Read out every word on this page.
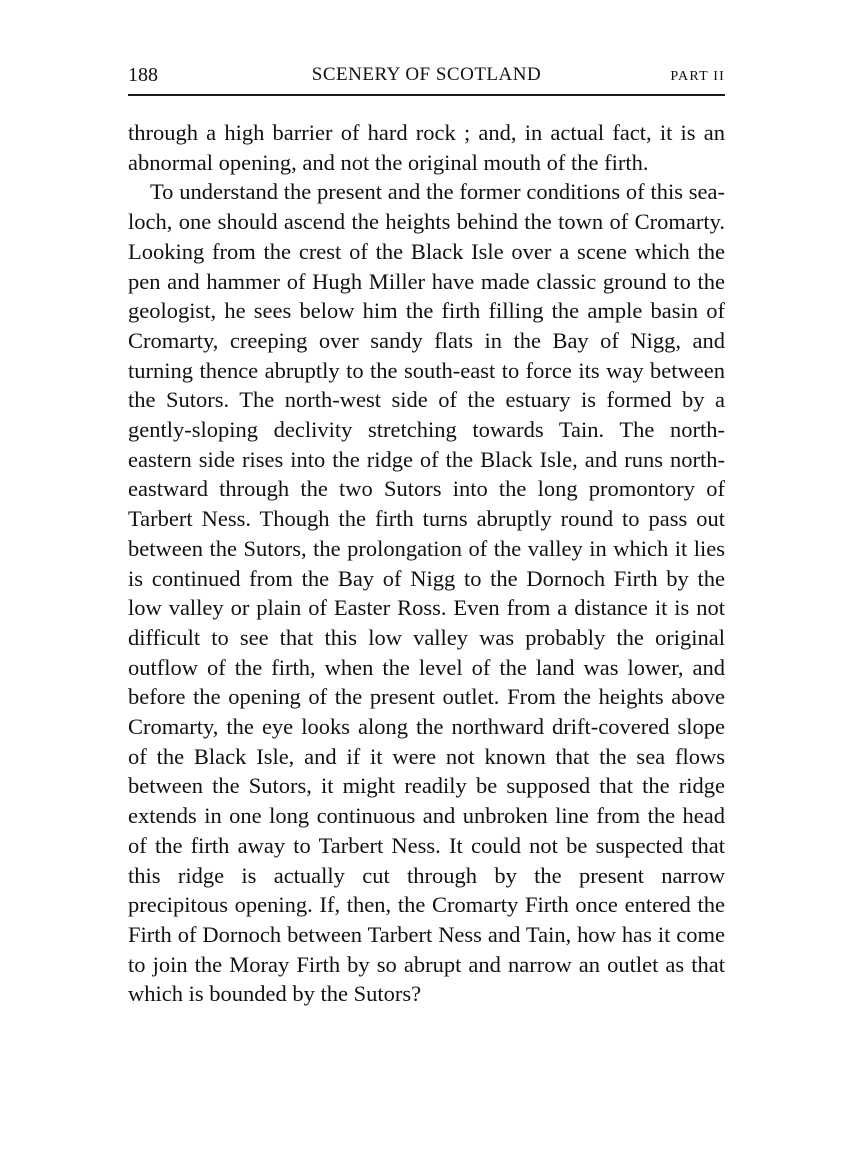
188	SCENERY OF SCOTLAND	PART II

through a high barrier of hard rock ; and, in actual fact, it is an abnormal opening, and not the original mouth of the firth.

To understand the present and the former conditions of this sea-loch, one should ascend the heights behind the town of Cromarty. Looking from the crest of the Black Isle over a scene which the pen and hammer of Hugh Miller have made classic ground to the geologist, he sees below him the firth filling the ample basin of Cromarty, creeping over sandy flats in the Bay of Nigg, and turning thence abruptly to the south-east to force its way between the Sutors. The north-west side of the estuary is formed by a gently-sloping declivity stretching towards Tain. The north-eastern side rises into the ridge of the Black Isle, and runs north-eastward through the two Sutors into the long promontory of Tarbert Ness. Though the firth turns abruptly round to pass out between the Sutors, the prolongation of the valley in which it lies is continued from the Bay of Nigg to the Dornoch Firth by the low valley or plain of Easter Ross. Even from a distance it is not difficult to see that this low valley was probably the original outflow of the firth, when the level of the land was lower, and before the opening of the present outlet. From the heights above Cromarty, the eye looks along the northward drift-covered slope of the Black Isle, and if it were not known that the sea flows between the Sutors, it might readily be supposed that the ridge extends in one long continuous and unbroken line from the head of the firth away to Tarbert Ness. It could not be suspected that this ridge is actually cut through by the present narrow precipitous opening. If, then, the Cromarty Firth once entered the Firth of Dornoch between Tarbert Ness and Tain, how has it come to join the Moray Firth by so abrupt and narrow an outlet as that which is bounded by the Sutors?
